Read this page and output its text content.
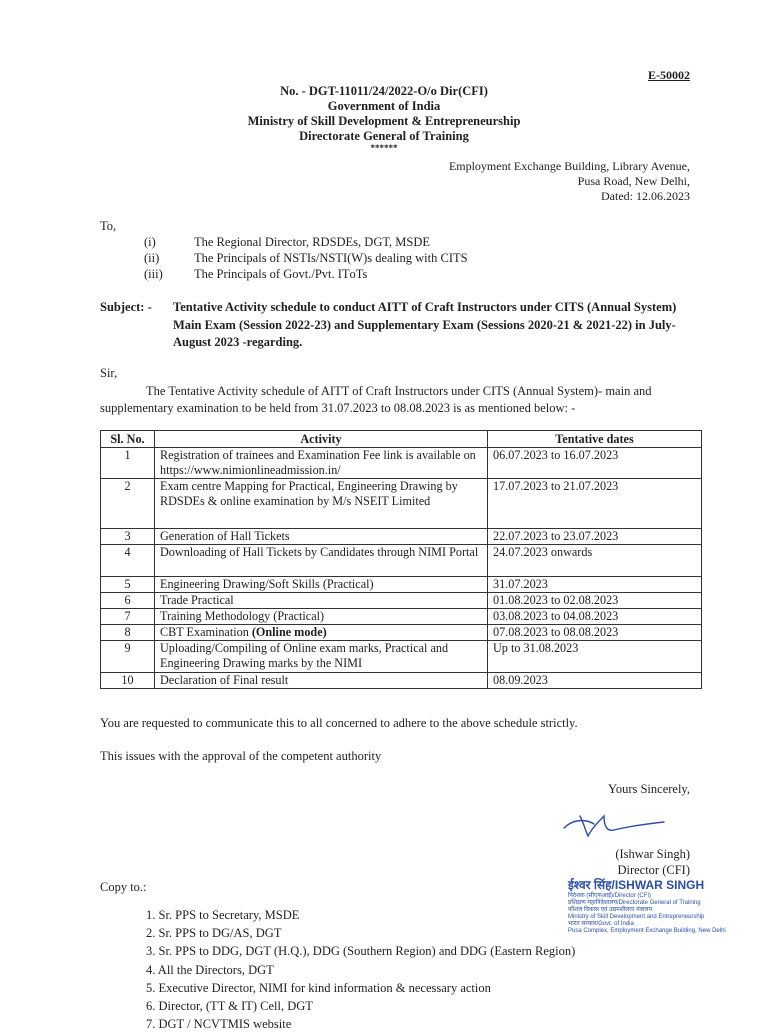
E-50002
No. - DGT-11011/24/2022-O/o Dir(CFI)
Government of India
Ministry of Skill Development & Entrepreneurship
Directorate General of Training
******
Employment Exchange Building, Library Avenue,
Pusa Road, New Delhi,
Dated: 12.06.2023
To,
(i)	The Regional Director, RDSDEs, DGT, MSDE
(ii)	The Principals of NSTIs/NSTI(W)s dealing with CITS
(iii)	The Principals of Govt./Pvt. ITоTs
Subject: - Tentative Activity schedule to conduct AITT of Craft Instructors under CITS (Annual System) Main Exam (Session 2022-23) and Supplementary Exam (Sessions 2020-21 & 2021-22) in July- August 2023 -regarding.
Sir,
The Tentative Activity schedule of AITT of Craft Instructors under CITS (Annual System)- main and supplementary examination to be held from 31.07.2023 to 08.08.2023 is as mentioned below: -
Sl. No.	Activity	Tentative dates
1	Registration of trainees and Examination Fee link is available on https://www.nimionlineadmission.in/	06.07.2023 to 16.07.2023
2	Exam centre Mapping for Practical, Engineering Drawing by RDSDEs & online examination by M/s NSEIT Limited	17.07.2023 to 21.07.2023
3	Generation of Hall Tickets	22.07.2023 to 23.07.2023
4	Downloading of Hall Tickets by Candidates through NIMI Portal	24.07.2023 onwards
5	Engineering Drawing/Soft Skills (Practical)	31.07.2023
6	Trade Practical	01.08.2023 to 02.08.2023
7	Training Methodology (Practical)	03.08.2023 to 04.08.2023
8	CBT Examination (Online mode)	07.08.2023 to 08.08.2023
9	Uploading/Compiling of Online exam marks, Practical and Engineering Drawing marks by the NIMI	Up to 31.08.2023
10	Declaration of Final result	08.09.2023
You are requested to communicate this to all concerned to adhere to the above schedule strictly.
This issues with the approval of the competent authority
Yours Sincerely,
(Ishwar Singh)
Director (CFI)
ईश्वर सिंह/ISHWAR SINGH
निदेशक (सीएफआई)/Director (CFI)
प्रशिक्षण महानिदेशालय/Directorate General of Training
कौशल विकास एवं उद्यमशीलता मंत्रालय
Ministry of Skill Development and Entrepreneurship
भारत सरकार/Govt. of India
Pusa Complex, Employment Exchange Building, New Delhi
Copy to.:
1. Sr. PPS to Secretary, MSDE
2. Sr. PPS to DG/AS, DGT
3. Sr. PPS to DDG, DGT (H.Q.), DDG (Southern Region) and DDG (Eastern Region)
4. All the Directors, DGT
5. Executive Director, NIMI for kind information & necessary action
6. Director, (TT & IT) Cell, DGT
7. DGT / NCVTMIS website
